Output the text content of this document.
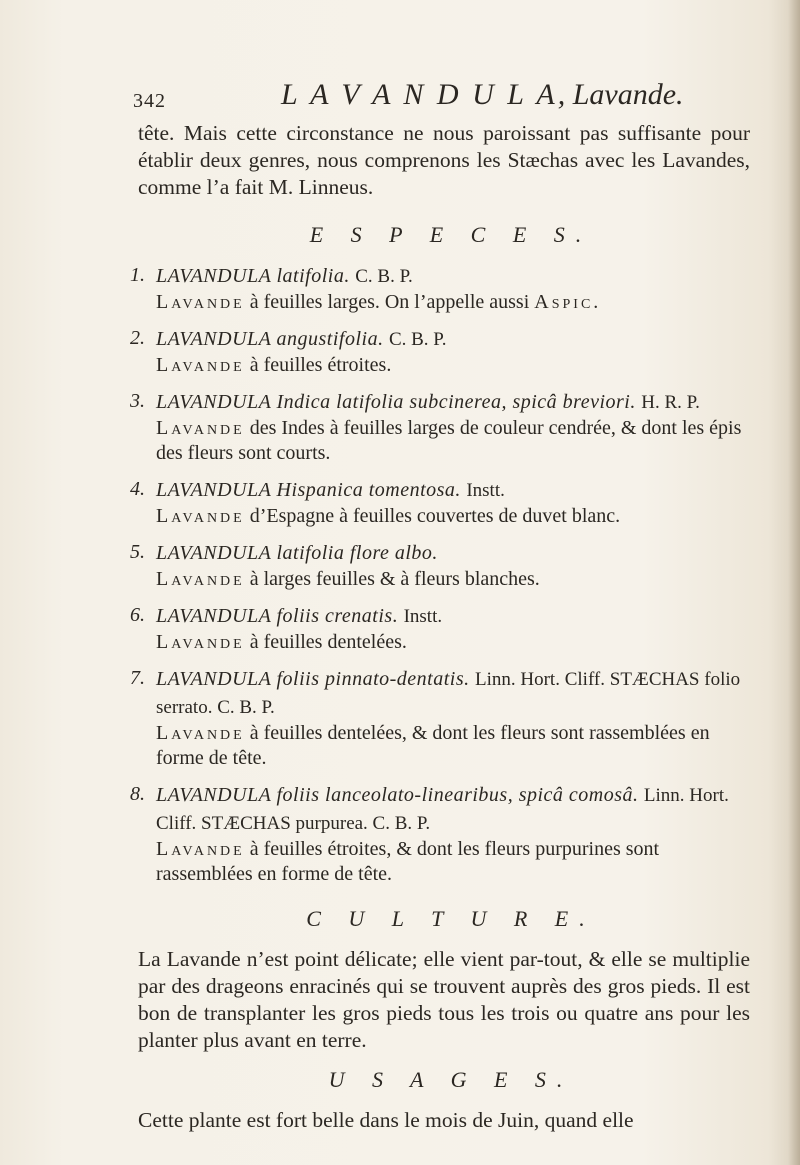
342	L A V A N D U L A, Lavande.

tête. Mais cette circonstance ne nous paroissant pas suffisante pour établir deux genres, nous comprenons les Stæchas avec les Lavandes, comme l’a fait M. Linneus.

E S P E C E S.
1. LAVANDULA latifolia. C. B. P.
Lavande à feuilles larges. On l’appelle aussi Aspic.
2. LAVANDULA angustifolia. C. B. P.
Lavande à feuilles étroites.
3. LAVANDULA Indica latifolia subcinerea, spicâ breviori. H. R. P.
Lavande des Indes à feuilles larges de couleur cendrée, & dont les épis des fleurs sont courts.
4. LAVANDULA Hispanica tomentosa. Instt.
Lavande d’Espagne à feuilles couvertes de duvet blanc.
5. LAVANDULA latifolia flore albo.
Lavande à larges feuilles & à fleurs blanches.
6. LAVANDULA foliis crenatis. Instt.
Lavande à feuilles dentelées.
7. LAVANDULA foliis pinnato-dentatis. Linn. Hort. Cliff. STÆCHAS folio serrato. C. B. P.
Lavande à feuilles dentelées, & dont les fleurs sont rassemblées en forme de tête.
8. LAVANDULA foliis lanceolato-linearibus, spicâ comosâ. Linn. Hort. Cliff. STÆCHAS purpurea. C. B. P.
Lavande à feuilles étroites, & dont les fleurs purpurines sont rassemblées en forme de tête.
C U L T U R E.

La Lavande n’est point délicate; elle vient par-tout, & elle se multiplie par des drageons enracinés qui se trouvent auprès des gros pieds. Il est bon de transplanter les gros pieds tous les trois ou quatre ans pour les planter plus avant en terre.

U S A G E S.

Cette plante est fort belle dans le mois de Juin, quand elle
